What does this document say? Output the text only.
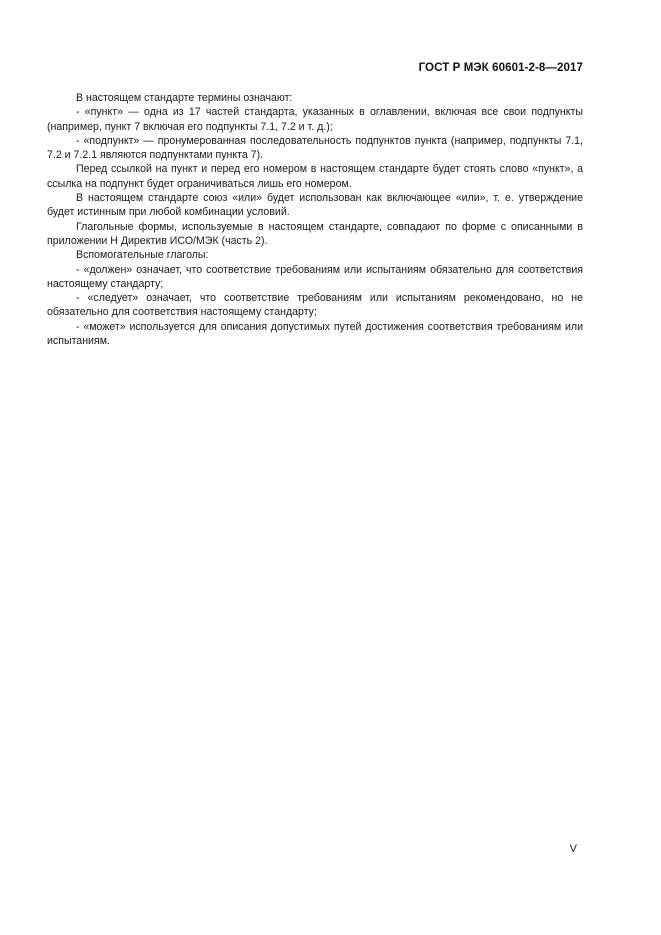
ГОСТ Р МЭК 60601-2-8—2017

В настоящем стандарте термины означают:

- «пункт» — одна из 17 частей стандарта, указанных в оглавлении, включая все свои подпункты (например, пункт 7 включая его подпункты 7.1, 7.2 и т. д.);

- «подпункт» — пронумерованная последовательность подпунктов пункта (например, подпункты 7.1, 7.2 и 7.2.1 являются подпунктами пункта 7).

Перед ссылкой на пункт и перед его номером в настоящем стандарте будет стоять слово «пункт», а ссылка на подпункт будет ограничиваться лишь его номером.

В настоящем стандарте союз «или» будет использован как включающее «или», т. е. утверждение будет истинным при любой комбинации условий.

Глагольные формы, используемые в настоящем стандарте, совпадают по форме с описанными в приложении Н Директив ИСО/МЭК (часть 2).

Вспомогательные глаголы:

- «должен» означает, что соответствие требованиям или испытаниям обязательно для соответствия настоящему стандарту;

- «следует» означает, что соответствие требованиям или испытаниям рекомендовано, но не обязательно для соответствия настоящему стандарту;

- «может» используется для описания допустимых путей достижения соответствия требованиям или испытаниям.

V
